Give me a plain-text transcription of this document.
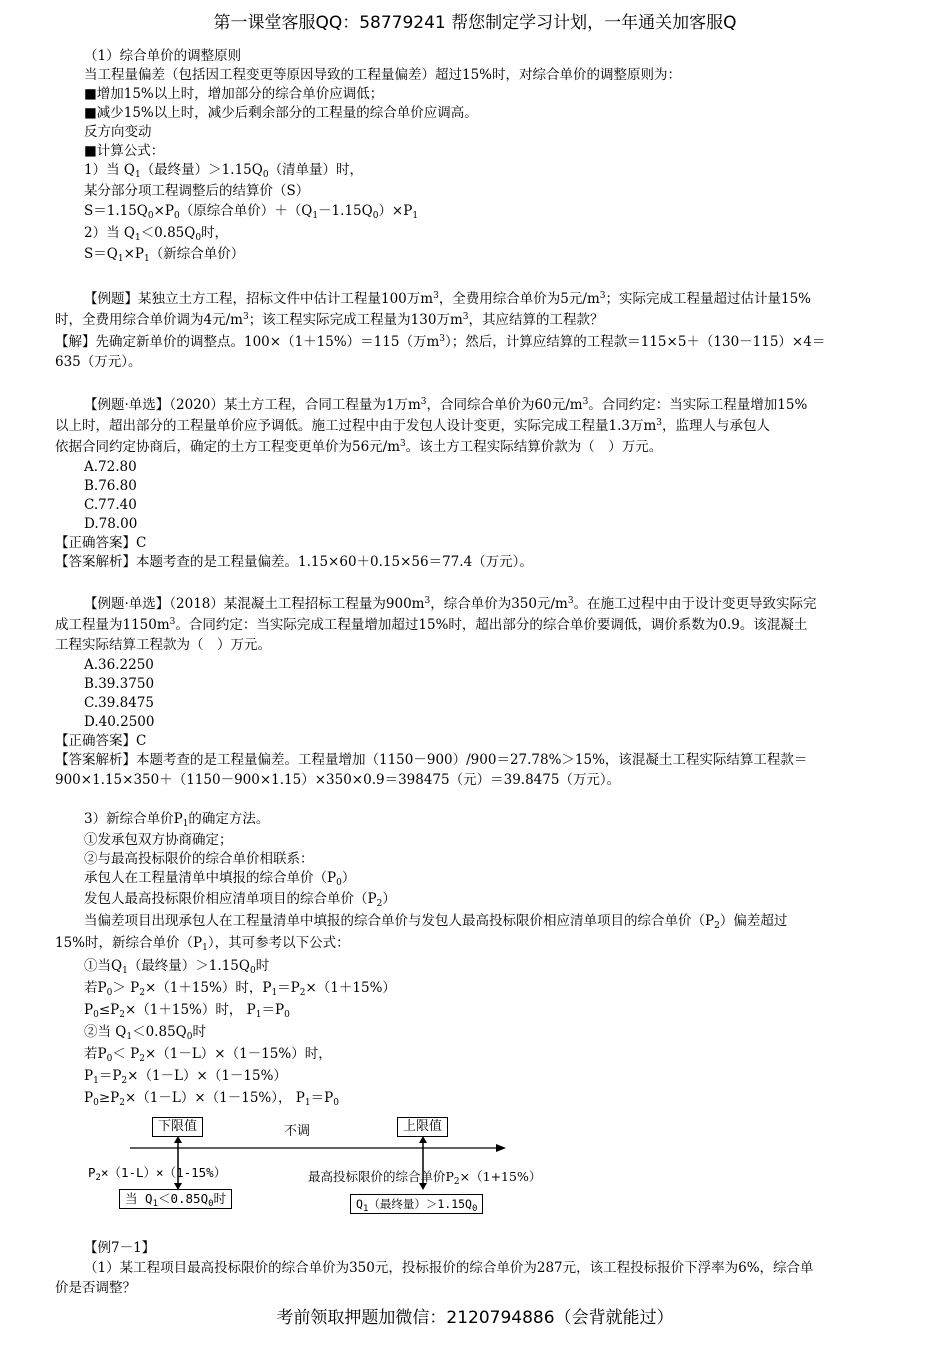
第一课堂客服QQ：58779241 帮您制定学习计划，一年通关加客服Q
（1）综合单价的调整原则
当工程量偏差（包括因工程变更等原因导致的工程量偏差）超过15%时，对综合单价的调整原则为：
■增加15%以上时，增加部分的综合单价应调低；
■减少15%以上时，减少后剩余部分的工程量的综合单价应调高。
反方向变动
■计算公式：
1）当 $Q_1$（最终量）$>1.15Q_0$（清单量）时，
某分部分项工程调整后的结算价（S）
$S=1.15Q_0\times P_0$（原综合单价）$+(Q_1-1.15Q_0)\times P_1$
2）当 $Q_1<0.85Q_0$时，
$S=Q_1\times P_1$（新综合单价）
【例题】某独立土方工程，招标文件中估计工程量100万$m^3$，全费用综合单价为5元$/m^3$；实际完成工程量超过估计量15%
时，全费用综合单价调为4元$/m^3$；该工程实际完成工程量为130万$m^3$，其应结算的工程款？
【解】先确定新单价的调整点。100×（1＋15%）＝115（万$m^3$）；然后，计算应结算的工程款＝115×5＋（130－115）×4＝
635（万元）。
【例题·单选】（2020）某土方工程，合同工程量为1万$m^3$，合同综合单价为60元$/m^3$。合同约定：当实际工程量增加15%
以上时，超出部分的工程量单价应予调低。施工过程中由于发包人设计变更，实际完成工程量1.3万$m^3$，监理人与承包人
依据合同约定协商后，确定的土方工程变更单价为56元$/m^3$。该土方工程实际结算价款为（　）万元。
A.72.80
B.76.80
C.77.40
D.78.00
【正确答案】C
【答案解析】本题考查的是工程量偏差。1.15×60＋0.15×56＝77.4（万元）。
【例题·单选】（2018）某混凝土工程招标工程量为$900m^3$，综合单价为350元$/m^3$。在施工过程中由于设计变更导致实际完
成工程量为$1150m^3$。合同约定：当实际完成工程量增加超过15%时，超出部分的综合单价要调低，调价系数为0.9。该混凝土
工程实际结算工程款为（　）万元。
A.36.2250
B.39.3750
C.39.8475
D.40.2500
【正确答案】C
【答案解析】本题考查的是工程量偏差。工程量增加（1150－900）/900＝27.78%＞15%，该混凝土工程实际结算工程款＝
900×1.15×350＋（1150－900×1.15）×350×0.9＝398475（元）＝39.8475（万元）。
3）新综合单价$P_1$的确定方法。
①发承包双方协商确定；
②与最高投标限价的综合单价相联系：
承包人在工程量清单中填报的综合单价$(P_0)$
发包人最高投标限价相应清单项目的综合单价$(P_2)$
当偏差项目出现承包人在工程量清单中填报的综合单价与发包人最高投标限价相应清单项目的综合单价$(P_2)$偏差超过
15%时，新综合单价$(P_1)$，其可参考以下公式：
①当$Q_1$（最终量）$>1.15Q_0$时
若$P_0> P_2\times(1+15\%)$时，$P_1=P_2\times(1+15\%)$
$P_0\le P_2\times(1+15\%)$时， $P_1=P_0$
②当 $Q_1<0.85Q_0$时
若$P_0< P_2\times(1-L)\times(1-15\%)$时，
$P_1=P_2\times(1-L)\times(1-15\%)$
$P_0\ge P_2\times(1-L)\times(1-15\%)$， $P_1=P_0$
下限值	不调	上限值
$P_2\times(1-L)\times(1-15\%)$	最高投标限价的综合单价$P_2\times(1+15\%)$
当 $Q_1<0.85Q_0$时	$Q_1$（最终量）$>1.15Q_0$
【例7－1】
（1）某工程项目最高投标限价的综合单价为350元，投标报价的综合单价为287元，该工程投标报价下浮率为6%，综合单
价是否调整？
考前领取押题加微信：2120794886（会背就能过）
